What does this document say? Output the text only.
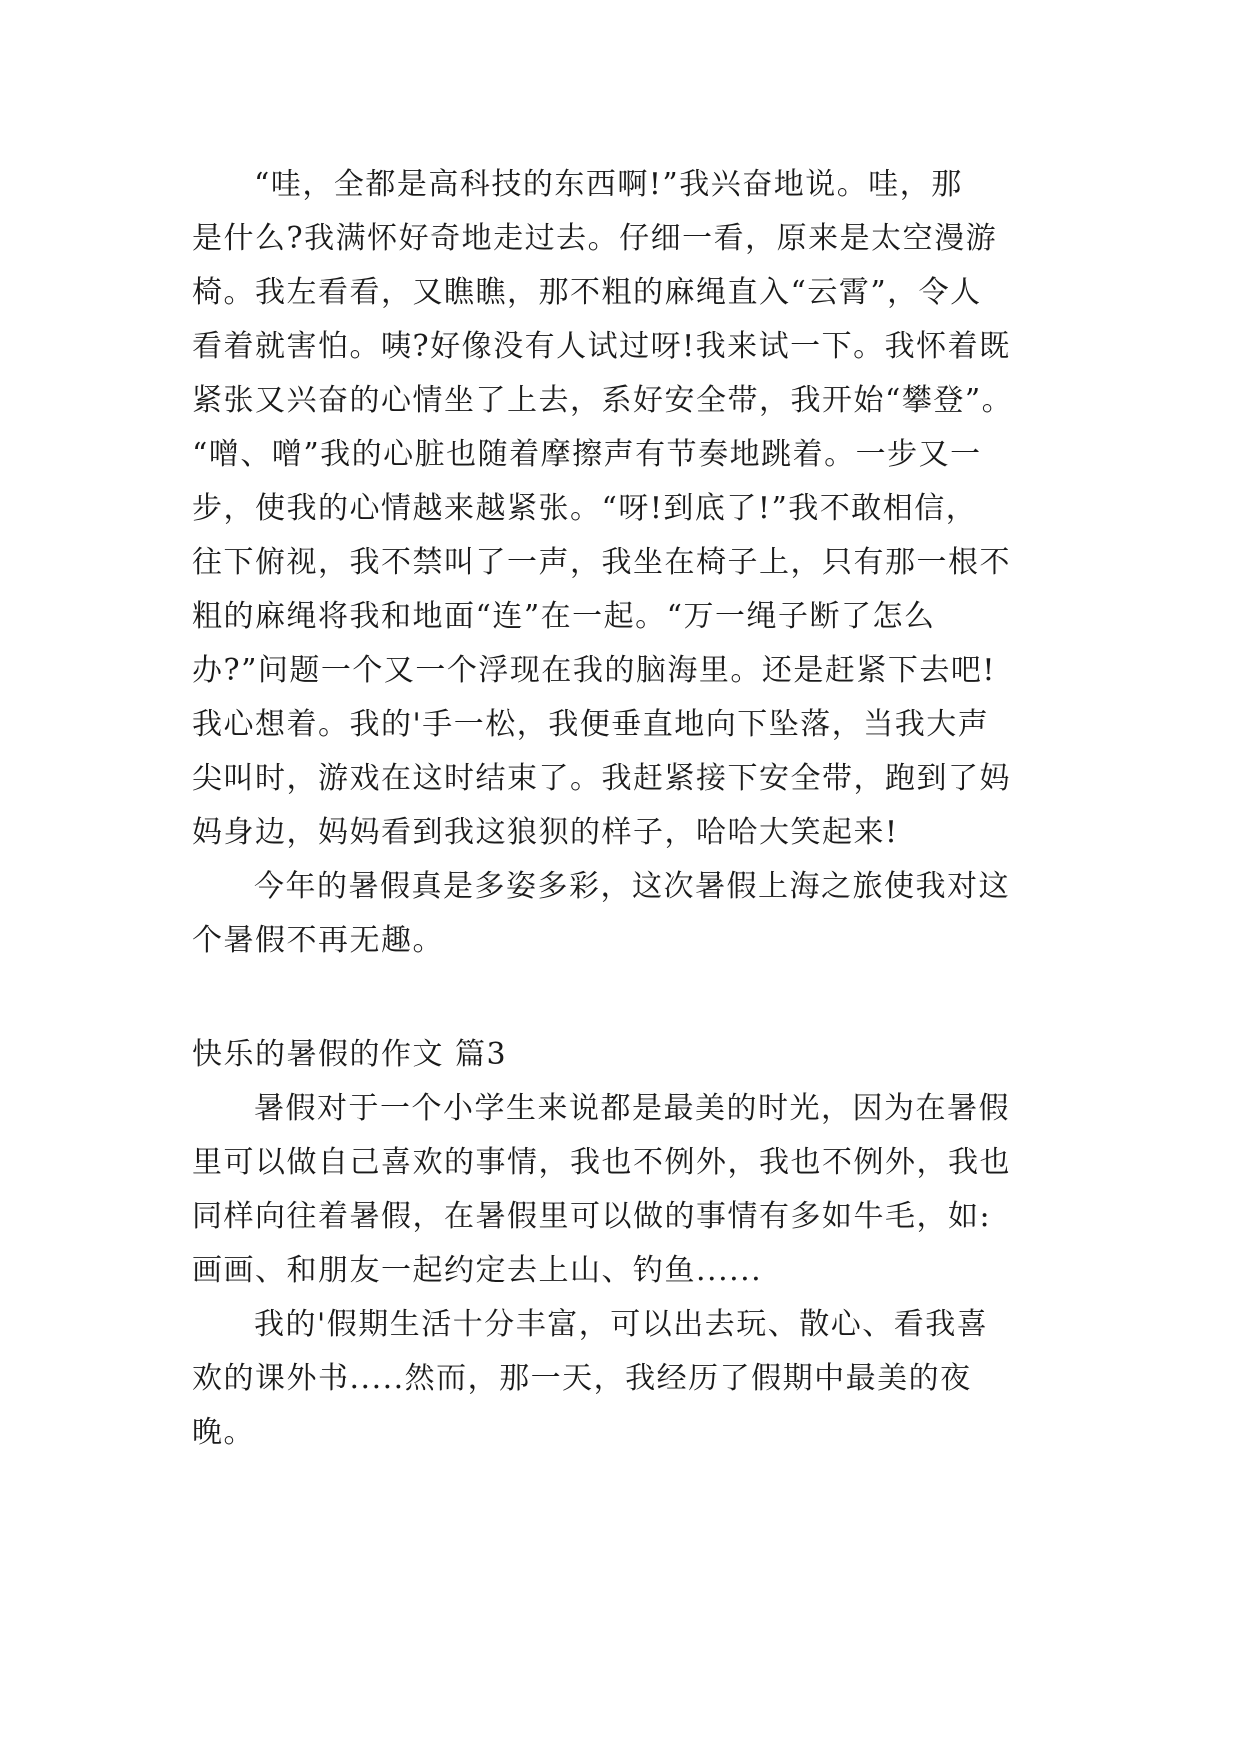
“哇，全都是高科技的东西啊!”我兴奋地说。哇，那
是什么?我满怀好奇地走过去。仔细一看，原来是太空漫游
椅。我左看看，又瞧瞧，那不粗的麻绳直入“云霄”，令人
看着就害怕。咦?好像没有人试过呀!我来试一下。我怀着既
紧张又兴奋的心情坐了上去，系好安全带，我开始“攀登”。
“噌、噌”我的心脏也随着摩擦声有节奏地跳着。一步又一
步，使我的心情越来越紧张。“呀!到底了!”我不敢相信，
往下俯视，我不禁叫了一声，我坐在椅子上，只有那一根不
粗的麻绳将我和地面“连”在一起。“万一绳子断了怎么
办?”问题一个又一个浮现在我的脑海里。还是赶紧下去吧!
我心想着。我的'手一松，我便垂直地向下坠落，当我大声
尖叫时，游戏在这时结束了。我赶紧接下安全带，跑到了妈
妈身边，妈妈看到我这狼狈的样子，哈哈大笑起来!
今年的暑假真是多姿多彩，这次暑假上海之旅使我对这
个暑假不再无趣。
快乐的暑假的作文 篇3
暑假对于一个小学生来说都是最美的时光，因为在暑假
里可以做自己喜欢的事情，我也不例外，我也不例外，我也
同样向往着暑假，在暑假里可以做的事情有多如牛毛，如:
画画、和朋友一起约定去上山、钓鱼......
我的'假期生活十分丰富，可以出去玩、散心、看我喜
欢的课外书.....然而，那一天，我经历了假期中最美的夜
晚。
